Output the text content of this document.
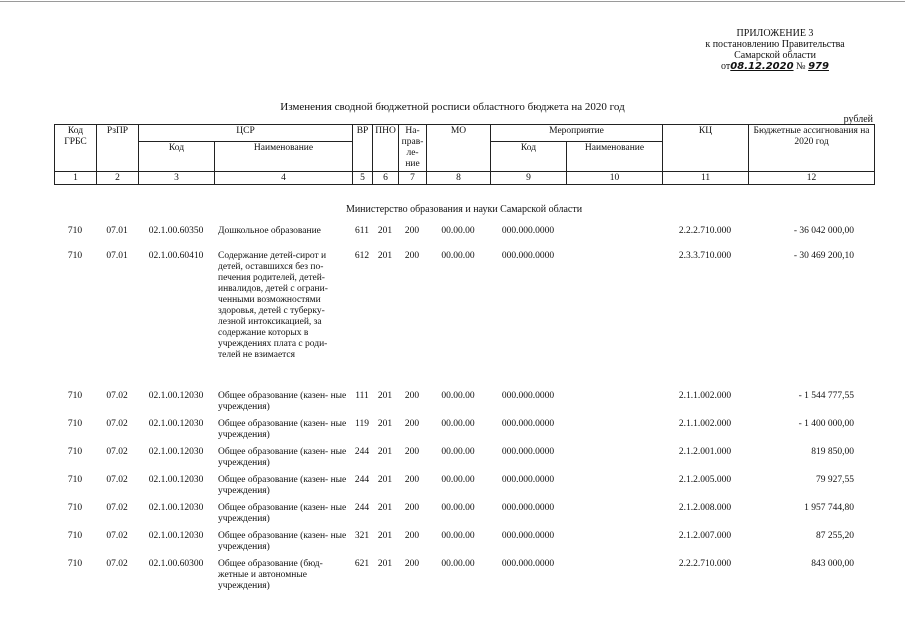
ПРИЛОЖЕНИЕ 3
к постановлению Правительства
Самарской области
от08.12.2020 № 979
Изменения сводной бюджетной росписи областного бюджета на 2020 год
рублей
Код ГРБС	РзПР	ЦСР		ВР	ПНО	На- прав- ле- ние	МО	Мероприятие		КЦ	Бюджетные ассигнования на 2020 год
		Код	Наименование					Код	Наименование		
1	2	3	4	5	6	7	8	9	10	11	12
Министерство образования и науки Самарской области
710	07.01	02.1.00.60350	Дошкольное образование	611	201	200	00.00.00	000.000.0000		2.2.2.710.000	- 36 042 000,00
710	07.01	02.1.00.60410	Содержание детей-сирот и детей, оставшихся без по- печения родителей, детей- инвалидов, детей с ограни- ченными возможностями здоровья, детей с туберку- лезной интоксикацией, за содержание которых в учреждениях плата с роди- телей не взимается	612	201	200	00.00.00	000.000.0000		2.3.3.710.000	- 30 469 200,10
710	07.02	02.1.00.12030	Общее образование (казен- ные учреждения)	111	201	200	00.00.00	000.000.0000		2.1.1.002.000	- 1 544 777,55
710	07.02	02.1.00.12030	Общее образование (казен- ные учреждения)	119	201	200	00.00.00	000.000.0000		2.1.1.002.000	- 1 400 000,00
710	07.02	02.1.00.12030	Общее образование (казен- ные учреждения)	244	201	200	00.00.00	000.000.0000		2.1.2.001.000	819 850,00
710	07.02	02.1.00.12030	Общее образование (казен- ные учреждения)	244	201	200	00.00.00	000.000.0000		2.1.2.005.000	79 927,55
710	07.02	02.1.00.12030	Общее образование (казен- ные учреждения)	244	201	200	00.00.00	000.000.0000		2.1.2.008.000	1 957 744,80
710	07.02	02.1.00.12030	Общее образование (казен- ные учреждения)	321	201	200	00.00.00	000.000.0000		2.1.2.007.000	87 255,20
710	07.02	02.1.00.60300	Общее образование (бюд- жетные и автономные учреждения)	621	201	200	00.00.00	000.000.0000		2.2.2.710.000	843 000,00
